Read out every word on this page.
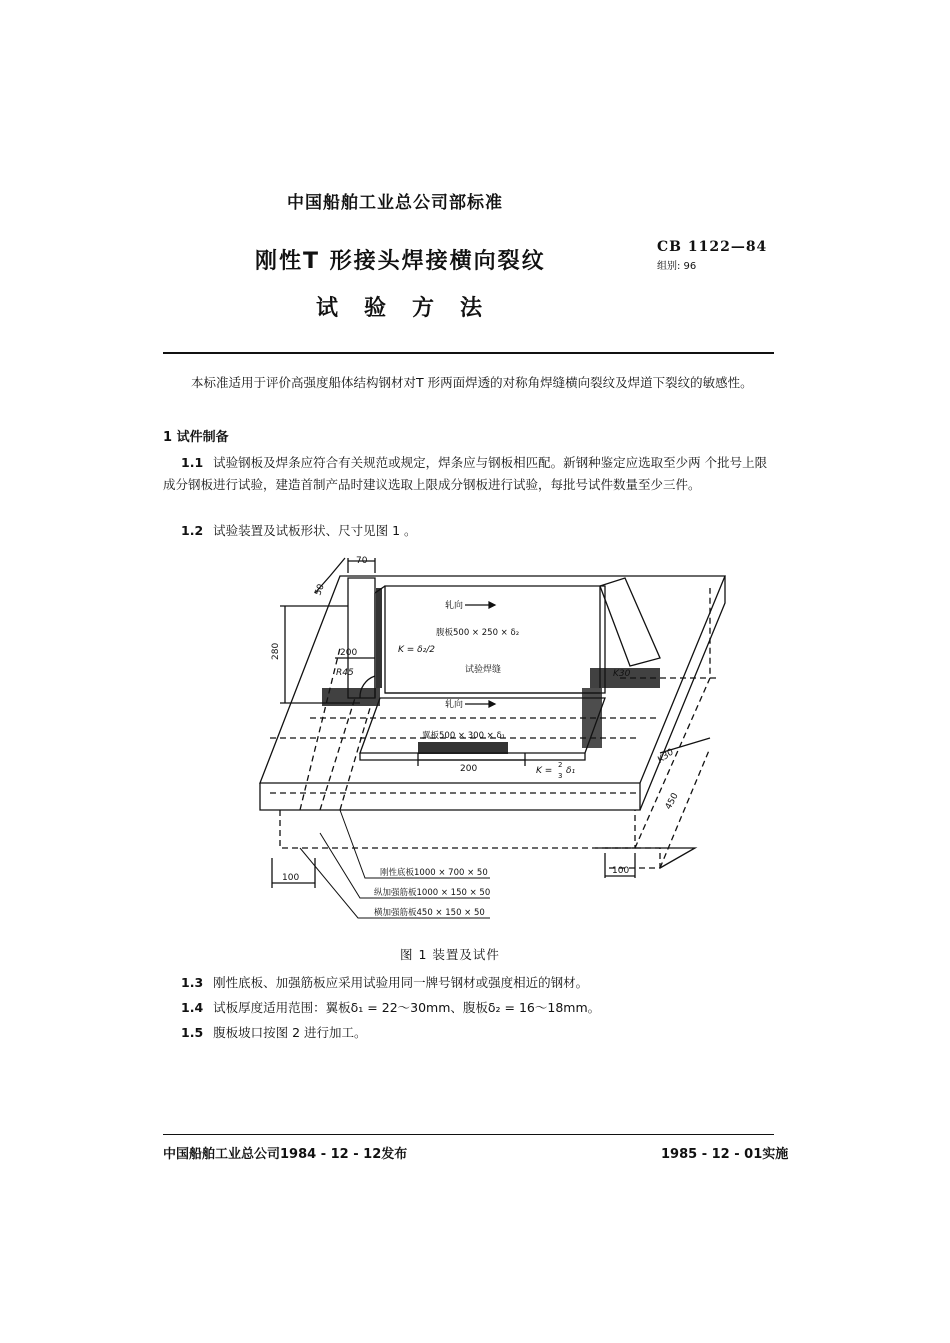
中国船舶工业总公司部标准
刚性T 形接头焊接横向裂纹
试验方法
CB 1122—84
组别: 96
本标准适用于评价高强度船体结构钢材对T 形两面焊透的对称角焊缝横向裂纹及焊道下裂纹的敏感性。
1 试件制备
1.1 试验钢板及焊条应符合有关规范或规定，焊条应与钢板相匹配。新钢种鉴定应选取至少两 个批号上限成分钢板进行试验，建造首制产品时建议选取上限成分钢板进行试验，每批号试件数量至少三件。
1.2 试验装置及试板形状、尺寸见图 1 。
70
50
280	200
R45
K = δ₂/2
轧向
腹板500 × 250 × δ₂
试验焊缝	K30
轧向
翼板500 × 300 × δ₁
200	K =
2
3 δ₁
K30
450
100
100
刚性底板1000 × 700 × 50
纵加强筋板1000 × 150 × 50
横加强筋板450 × 150 × 50
图 1 装置及试件
1.3 刚性底板、加强筋板应采用试验用同一牌号钢材或强度相近的钢材。
1.4 试板厚度适用范围：翼板δ₁ = 22～30mm、腹板δ₂ = 16～18mm。
1.5 腹板坡口按图 2 进行加工。
中国船舶工业总公司1984 - 12 - 12发布	1985 - 12 - 01实施
